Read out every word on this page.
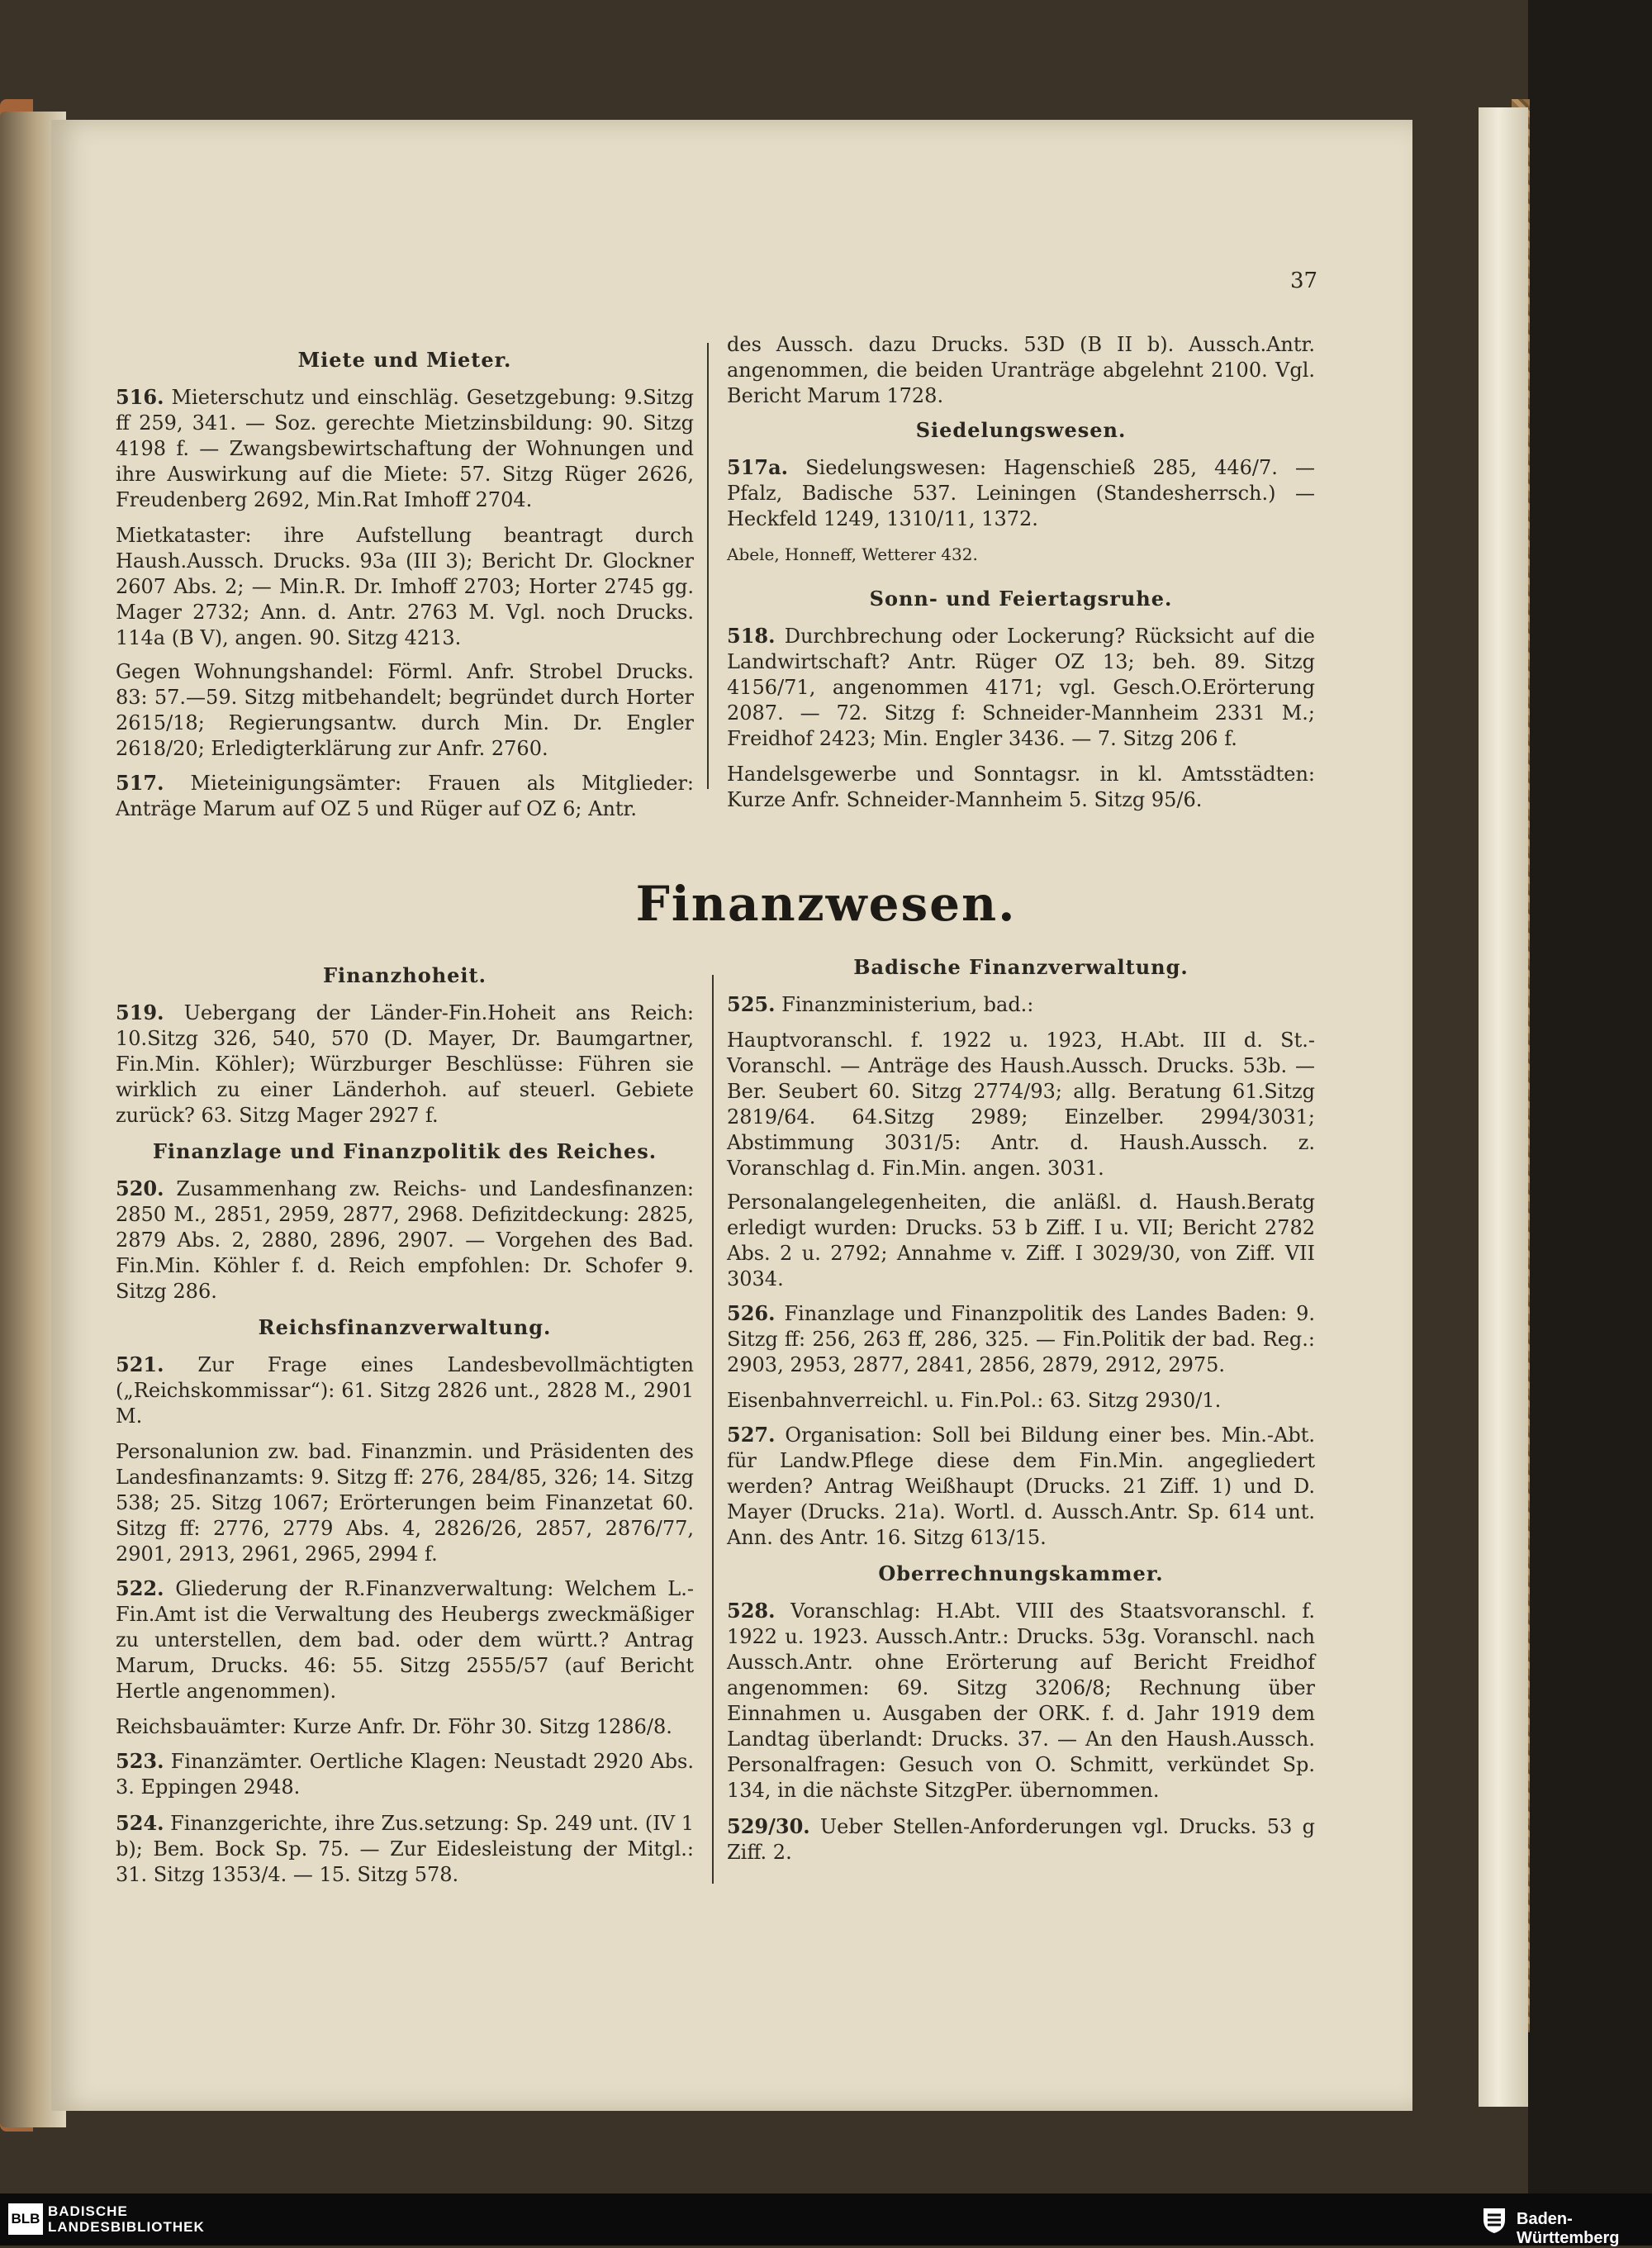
37
Miete und Mieter.
516. Mieterschutz und einschläg. Gesetzgebung: 9.Sitzg ff 259, 341. — Soz. gerechte Mietzinsbildung: 90. Sitzg 4198 f. — Zwangsbewirtschaftung der Wohnungen und ihre Auswirkung auf die Miete: 57. Sitzg Rüger 2626, Freudenberg 2692, Min.Rat Imhoff 2704.
Mietkataster: ihre Aufstellung beantragt durch Haush.Aussch. Drucks. 93a (III 3); Bericht Dr. Glockner 2607 Abs. 2; — Min.R. Dr. Imhoff 2703; Horter 2745 gg. Mager 2732; Ann. d. Antr. 2763 M. Vgl. noch Drucks. 114a (B V), angen. 90. Sitzg 4213.
Gegen Wohnungshandel: Förml. Anfr. Strobel Drucks. 83: 57.—59. Sitzg mitbehandelt; begründet durch Horter 2615/18; Regierungsantw. durch Min. Dr. Engler 2618/20; Erledigterklärung zur Anfr. 2760.
517. Mieteinigungsämter: Frauen als Mitglieder: Anträge Marum auf OZ 5 und Rüger auf OZ 6; Antr.
des Aussch. dazu Drucks. 53D (B II b). Aussch.Antr. angenommen, die beiden Uranträge abgelehnt 2100. Vgl. Bericht Marum 1728.
Siedelungswesen.
517a. Siedelungswesen: Hagenschieß 285, 446/7. — Pfalz, Badische 537. Leiningen (Standesherrsch.) — Heckfeld 1249, 1310/11, 1372.
Abele, Honneff, Wetterer 432.
Sonn- und Feiertagsruhe.
518. Durchbrechung oder Lockerung? Rücksicht auf die Landwirtschaft? Antr. Rüger OZ 13; beh. 89. Sitzg 4156/71, angenommen 4171; vgl. Gesch.O.Erörterung 2087. — 72. Sitzg f: Schneider-Mannheim 2331 M.; Freidhof 2423; Min. Engler 3436. — 7. Sitzg 206 f.
Handelsgewerbe und Sonntagsr. in kl. Amtsstädten: Kurze Anfr. Schneider-Mannheim 5. Sitzg 95/6.
Finanzwesen.
Finanzhoheit.
519. Uebergang der Länder-Fin.Hoheit ans Reich: 10.Sitzg 326, 540, 570 (D. Mayer, Dr. Baumgartner, Fin.Min. Köhler); Würzburger Beschlüsse: Führen sie wirklich zu einer Länderhoh. auf steuerl. Gebiete zurück? 63. Sitzg Mager 2927 f.
Finanzlage und Finanzpolitik des Reiches.
520. Zusammenhang zw. Reichs- und Landesfinanzen: 2850 M., 2851, 2959, 2877, 2968. Defizitdeckung: 2825, 2879 Abs. 2, 2880, 2896, 2907. — Vorgehen des Bad. Fin.Min. Köhler f. d. Reich empfohlen: Dr. Schofer 9. Sitzg 286.
Reichsfinanzverwaltung.
521. Zur Frage eines Landesbevollmächtigten („Reichskommissar“): 61. Sitzg 2826 unt., 2828 M., 2901 M.
Personalunion zw. bad. Finanzmin. und Präsidenten des Landesfinanzamts: 9. Sitzg ff: 276, 284/85, 326; 14. Sitzg 538; 25. Sitzg 1067; Erörterungen beim Finanzetat 60. Sitzg ff: 2776, 2779 Abs. 4, 2826/26, 2857, 2876/77, 2901, 2913, 2961, 2965, 2994 f.
522. Gliederung der R.Finanzverwaltung: Welchem L.-Fin.Amt ist die Verwaltung des Heubergs zweckmäßiger zu unterstellen, dem bad. oder dem württ.? Antrag Marum, Drucks. 46: 55. Sitzg 2555/57 (auf Bericht Hertle angenommen).
Reichsbauämter: Kurze Anfr. Dr. Föhr 30. Sitzg 1286/8.
523. Finanzämter. Oertliche Klagen: Neustadt 2920 Abs. 3. Eppingen 2948.
524. Finanzgerichte, ihre Zus.setzung: Sp. 249 unt. (IV 1 b); Bem. Bock Sp. 75. — Zur Eidesleistung der Mitgl.: 31. Sitzg 1353/4. — 15. Sitzg 578.
Badische Finanzverwaltung.
525. Finanzministerium, bad.:
Hauptvoranschl. f. 1922 u. 1923, H.Abt. III d. St.-Voranschl. — Anträge des Haush.Aussch. Drucks. 53b. — Ber. Seubert 60. Sitzg 2774/93; allg. Beratung 61.Sitzg 2819/64. 64.Sitzg 2989; Einzelber. 2994/3031; Abstimmung 3031/5: Antr. d. Haush.Aussch. z. Voranschlag d. Fin.Min. angen. 3031.
Personalangelegenheiten, die anläßl. d. Haush.Beratg erledigt wurden: Drucks. 53 b Ziff. I u. VII; Bericht 2782 Abs. 2 u. 2792; Annahme v. Ziff. I 3029/30, von Ziff. VII 3034.
526. Finanzlage und Finanzpolitik des Landes Baden: 9. Sitzg ff: 256, 263 ff, 286, 325. — Fin.Politik der bad. Reg.: 2903, 2953, 2877, 2841, 2856, 2879, 2912, 2975.
Eisenbahnverreichl. u. Fin.Pol.: 63. Sitzg 2930/1.
527. Organisation: Soll bei Bildung einer bes. Min.-Abt. für Landw.Pflege diese dem Fin.Min. angegliedert werden? Antrag Weißhaupt (Drucks. 21 Ziff. 1) und D. Mayer (Drucks. 21a). Wortl. d. Aussch.Antr. Sp. 614 unt. Ann. des Antr. 16. Sitzg 613/15.
Oberrechnungskammer.
528. Voranschlag: H.Abt. VIII des Staatsvoranschl. f. 1922 u. 1923. Aussch.Antr.: Drucks. 53g. Voranschl. nach Aussch.Antr. ohne Erörterung auf Bericht Freidhof angenommen: 69. Sitzg 3206/8; Rechnung über Einnahmen u. Ausgaben der ORK. f. d. Jahr 1919 dem Landtag überlandt: Drucks. 37. — An den Haush.Aussch. Personalfragen: Gesuch von O. Schmitt, verkündet Sp. 134, in die nächste SitzgPer. übernommen.
529/30. Ueber Stellen-Anforderungen vgl. Drucks. 53 g Ziff. 2.
BLB BADISCHE
LANDESBIBLIOTHEK	Baden-Württemberg
